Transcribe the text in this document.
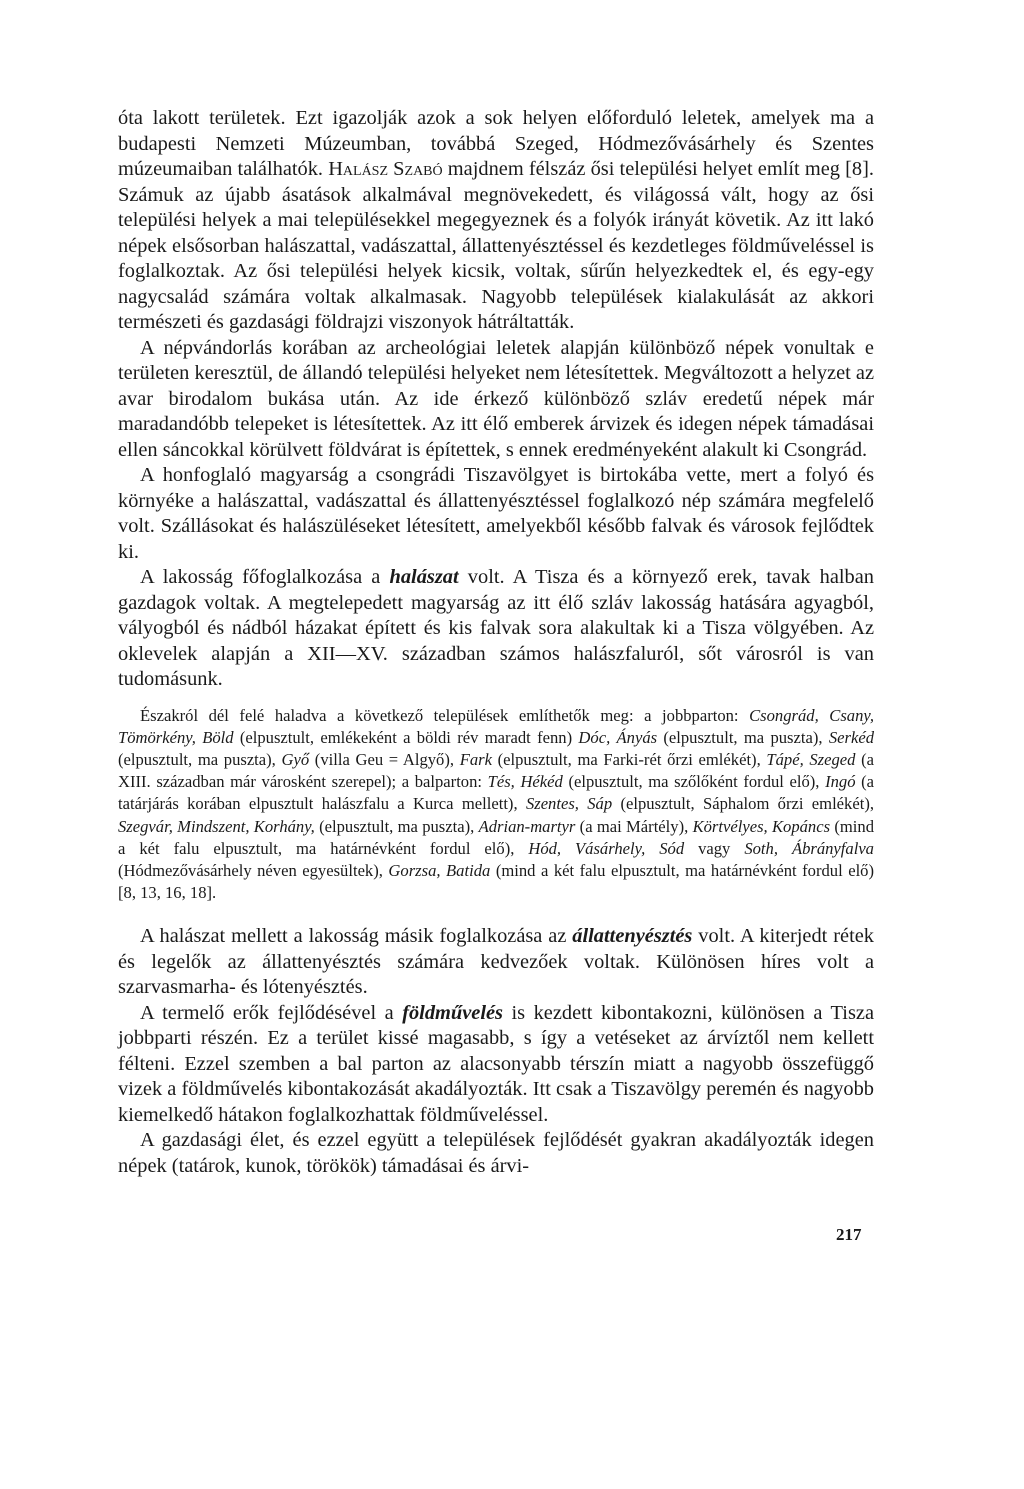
óta lakott területek. Ezt igazolják azok a sok helyen előforduló leletek, amelyek ma a budapesti Nemzeti Múzeumban, továbbá Szeged, Hódmezővásárhely és Szentes múzeumaiban találhatók. Halász Szabó majdnem félszáz ősi települési helyet említ meg [8]. Számuk az újabb ásatások alkalmával megnövekedett, és világossá vált, hogy az ősi települési helyek a mai településekkel megegyeznek és a folyók irányát követik. Az itt lakó népek elsősorban halászattal, vadászattal, állattenyésztéssel és kezdetleges földműveléssel is foglalkoztak. Az ősi települési helyek kicsik, voltak, sűrűn helyezkedtek el, és egy-egy nagycsalád számára voltak alkalmasak. Nagyobb települések kialakulását az akkori természeti és gazdasági földrajzi viszonyok hátráltatták.

A népvándorlás korában az archeológiai leletek alapján különböző népek vonultak e területen keresztül, de állandó települési helyeket nem létesítettek. Megváltozott a helyzet az avar birodalom bukása után. Az ide érkező különböző szláv eredetű népek már maradandóbb telepeket is létesítettek. Az itt élő emberek árvizek és idegen népek támadásai ellen sáncokkal körülvett földvárat is építettek, s ennek eredményeként alakult ki Csongrád.

A honfoglaló magyarság a csongrádi Tiszavölgyet is birtokába vette, mert a folyó és környéke a halászattal, vadászattal és állattenyésztéssel foglalkozó nép számára megfelelő volt. Szállásokat és halászüléseket létesített, amelyekből később falvak és városok fejlődtek ki.

A lakosság főfoglalkozása a halászat volt. A Tisza és a környező erek, tavak halban gazdagok voltak. A megtelepedett magyarság az itt élő szláv lakosság hatására agyagból, vályogból és nádból házakat épített és kis falvak sora alakultak ki a Tisza völgyében. Az oklevelek alapján a XII—XV. században számos halászfaluról, sőt városról is van tudomásunk.

Északról dél felé haladva a következő települések említhetők meg: a jobbparton: Csongrád, Csany, Tömörkény, Böld (elpusztult, emlékeként a böldi rév maradt fenn) Dóc, Ányás (elpusztult, ma puszta), Serkéd (elpusztult, ma puszta), Győ (villa Geu = Algyő), Fark (elpusztult, ma Farki-rét őrzi emlékét), Tápé, Szeged (a XIII. században már városként szerepel); a balparton: Tés, Hékéd (elpusztult, ma szőlőként fordul elő), Ingó (a tatárjárás korában elpusztult halászfalu a Kurca mellett), Szentes, Sáp (elpusztult, Sáphalom őrzi emlékét), Szegvár, Mindszent, Korhány, (elpusztult, ma puszta), Adrian-martyr (a mai Mártély), Körtvélyes, Kopáncs (mind a két falu elpusztult, ma határnévként fordul elő), Hód, Vásárhely, Sód vagy Soth, Ábrányfalva (Hódmezővásárhely néven egyesültek), Gorzsa, Batida (mind a két falu elpusztult, ma határnévként fordul elő) [8, 13, 16, 18].

A halászat mellett a lakosság másik foglalkozása az állattenyésztés volt. A kiterjedt rétek és legelők az állattenyésztés számára kedvezőek voltak. Különösen híres volt a szarvasmarha- és lótenyésztés.

A termelő erők fejlődésével a földművelés is kezdett kibontakozni, különösen a Tisza jobbparti részén. Ez a terület kissé magasabb, s így a vetéseket az árvíztől nem kellett félteni. Ezzel szemben a bal parton az alacsonyabb térszín miatt a nagyobb összefüggő vizek a földművelés kibontakozását akadályozták. Itt csak a Tiszavölgy peremén és nagyobb kiemelkedő hátakon foglalkozhattak földműveléssel.

A gazdasági élet, és ezzel együtt a települések fejlődését gyakran akadályozták idegen népek (tatárok, kunok, törökök) támadásai és árvi-

217
